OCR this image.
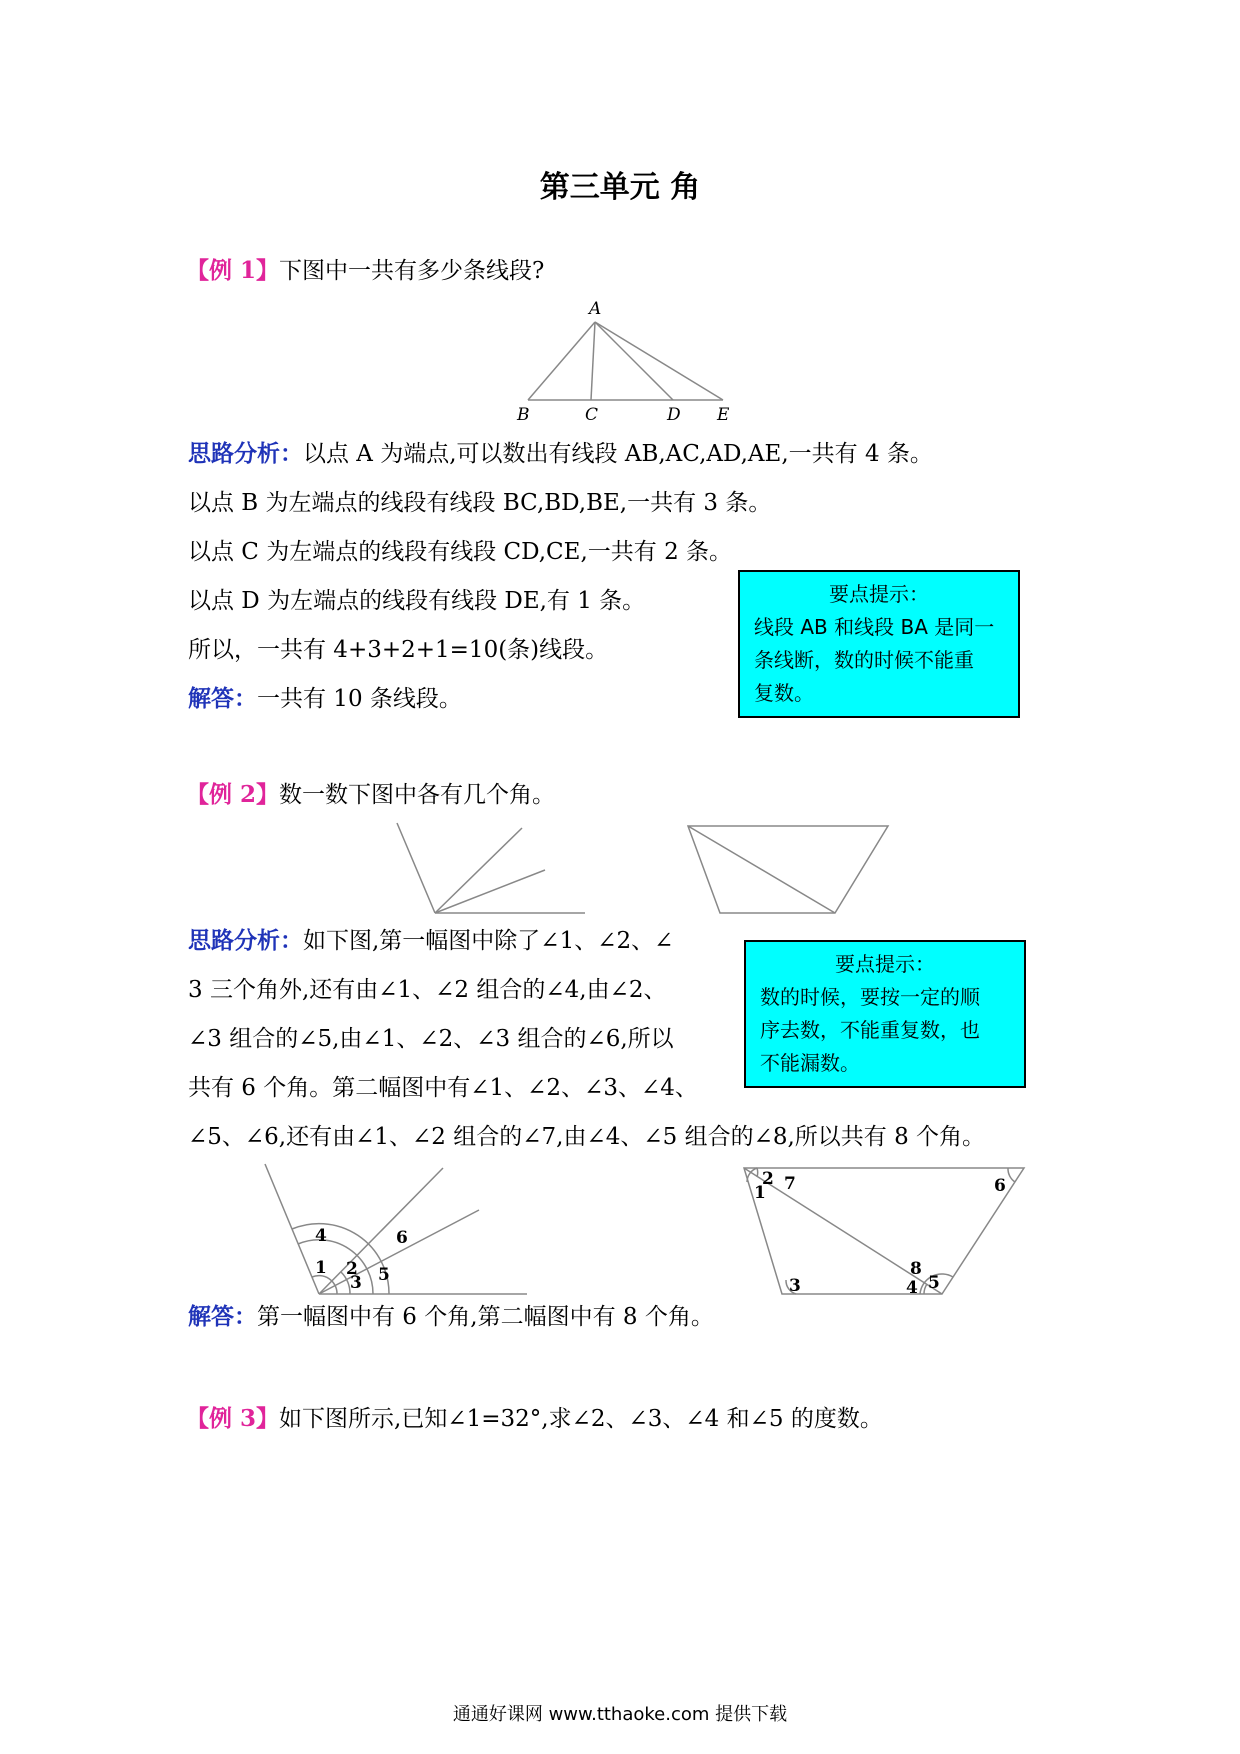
第三单元 角
【例 1】下图中一共有多少条线段?
A
B	C	D E
思路分析：以点 A 为端点,可以数出有线段 AB,AC,AD,AE,一共有 4 条。
以点 B 为左端点的线段有线段 BC,BD,BE,一共有 3 条。
以点 C 为左端点的线段有线段 CD,CE,一共有 2 条。
以点 D 为左端点的线段有线段 DE,有 1 条。
所以，一共有 4+3+2+1=10(条)线段。
解答：一共有 10 条线段。
要点提示：
线段 AB 和线段 BA 是同一
条线断，数的时候不能重
复数。
【例 2】数一数下图中各有几个角。
思路分析：如下图,第一幅图中除了∠1、∠2、∠
3 三个角外,还有由∠1、∠2 组合的∠4,由∠2、
∠3 组合的∠5,由∠1、∠2、∠3 组合的∠6,所以
共有 6 个角。第二幅图中有∠1、∠2、∠3、∠4、
∠5、∠6,还有由∠1、∠2 组合的∠7,由∠4、∠5 组合的∠8,所以共有 8 个角。
要点提示：
数的时候，要按一定的顺
序去数，不能重复数，也
不能漏数。
1 2
3
4
5
6
1
2
3	4 5
6
7
8
解答：第一幅图中有 6 个角,第二幅图中有 8 个角。
【例 3】如下图所示,已知∠1=32°,求∠2、∠3、∠4 和∠5 的度数。
通通好课网 www.tthaoke.com 提供下载
